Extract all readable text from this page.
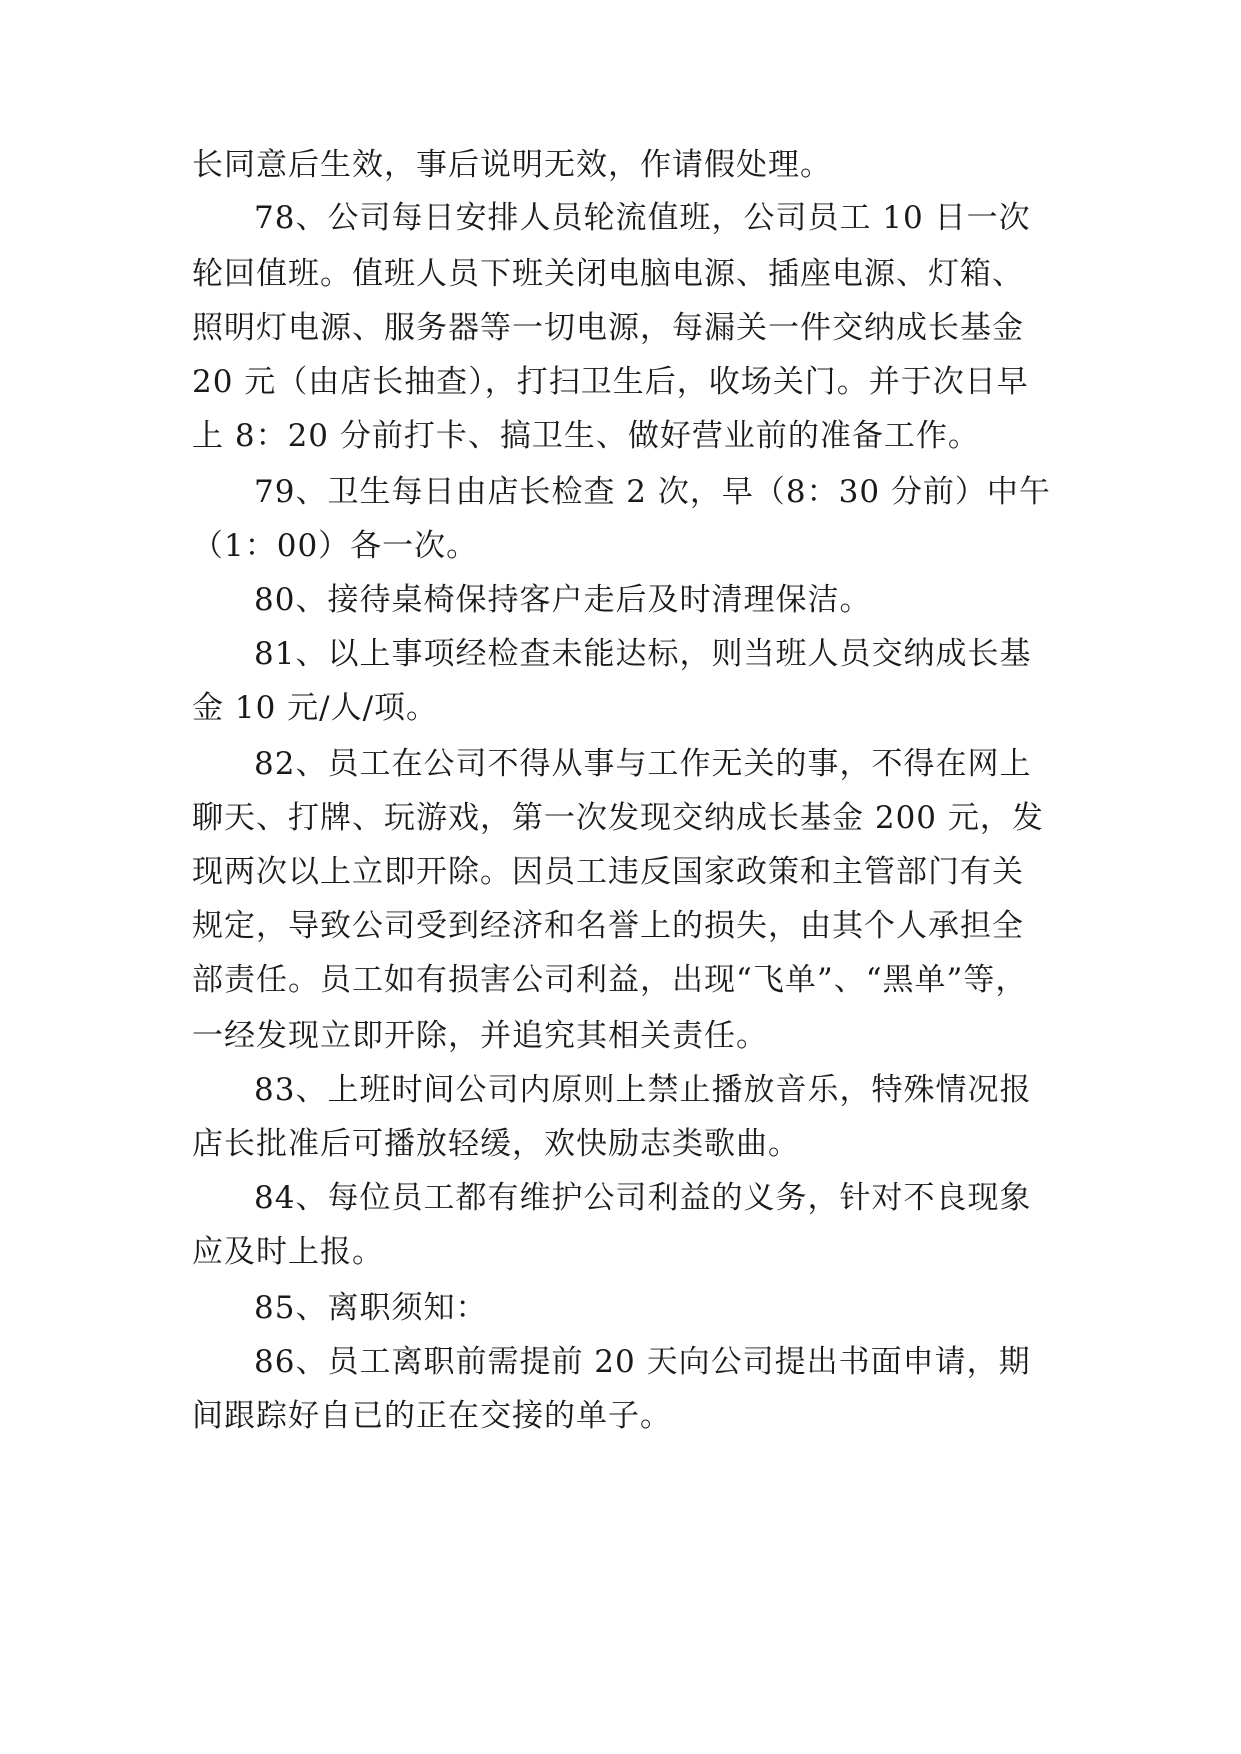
长同意后生效，事后说明无效，作请假处理。
78、公司每日安排人员轮流值班，公司员工 10 日一次
轮回值班。值班人员下班关闭电脑电源、插座电源、灯箱、
照明灯电源、服务器等一切电源，每漏关一件交纳成长基金
20 元（由店长抽查），打扫卫生后，收场关门。并于次日早
上 8：20 分前打卡、搞卫生、做好营业前的准备工作。
79、卫生每日由店长检查 2 次，早（8：30 分前）中午
（1：00）各一次。
80、接待桌椅保持客户走后及时清理保洁。
81、以上事项经检查未能达标，则当班人员交纳成长基
金 10 元/人/项。
82、员工在公司不得从事与工作无关的事，不得在网上
聊天、打牌、玩游戏，第一次发现交纳成长基金 200 元，发
现两次以上立即开除。因员工违反国家政策和主管部门有关
规定，导致公司受到经济和名誉上的损失，由其个人承担全
部责任。员工如有损害公司利益，出现“飞单”、“黑单”等，
一经发现立即开除，并追究其相关责任。
83、上班时间公司内原则上禁止播放音乐，特殊情况报
店长批准后可播放轻缓，欢快励志类歌曲。
84、每位员工都有维护公司利益的义务，针对不良现象
应及时上报。
85、离职须知：
86、员工离职前需提前 20 天向公司提出书面申请，期
间跟踪好自已的正在交接的单子。
